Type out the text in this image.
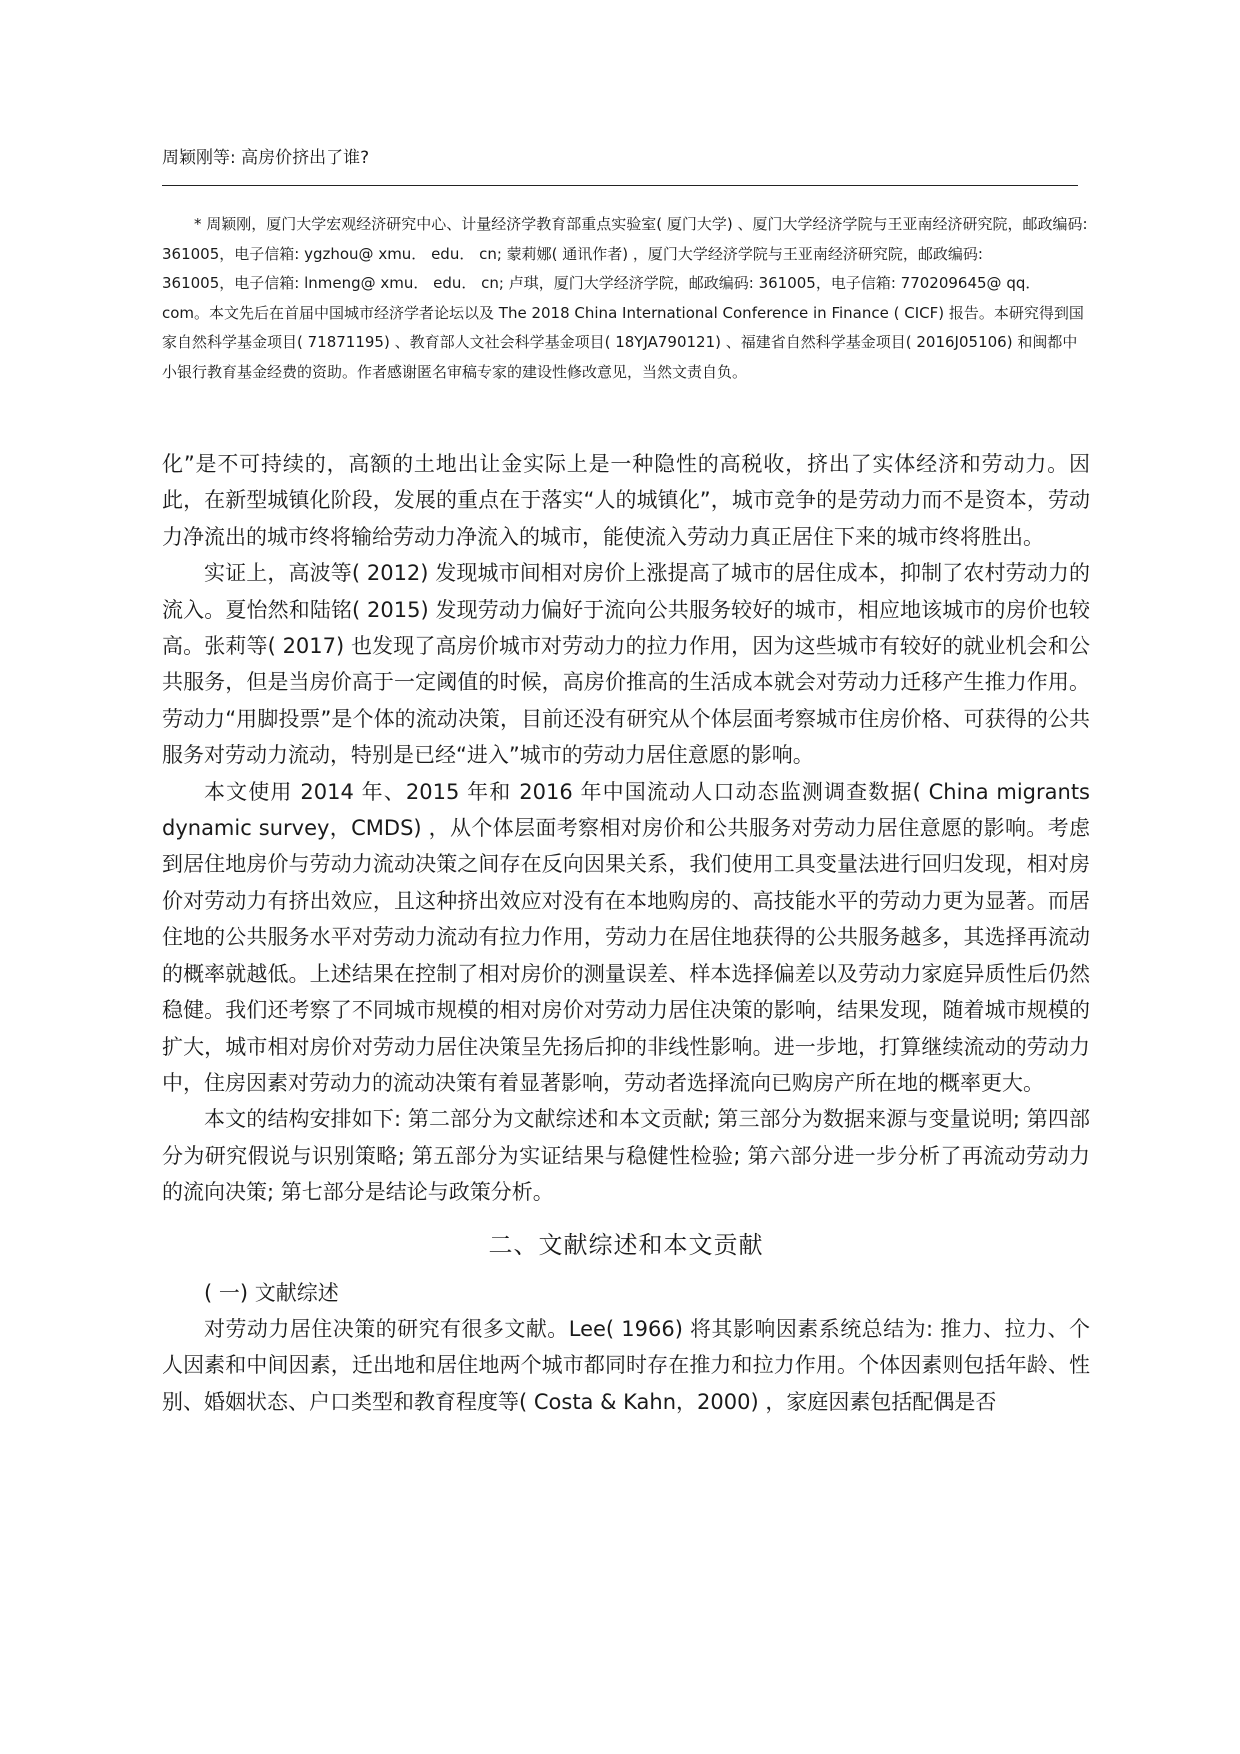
周颖刚等: 高房价挤出了谁?

* 周颖刚，厦门大学宏观经济研究中心、计量经济学教育部重点实验室( 厦门大学) 、厦门大学经济学院与王亚南经济研究院，邮政编码: 361005，电子信箱: ygzhou@ xmu． edu． cn; 蒙莉娜( 通讯作者) ，厦门大学经济学院与王亚南经济研究院，邮政编码:

361005，电子信箱: lnmeng@ xmu． edu． cn; 卢琪，厦门大学经济学院，邮政编码: 361005，电子信箱: 770209645@ qq． com。本文先后在首届中国城市经济学者论坛以及 The 2018 China International Conference in Finance ( CICF) 报告。本研究得到国家自然科学基金项目( 71871195) 、教育部人文社会科学基金项目( 18YJA790121) 、福建省自然科学基金项目( 2016J05106) 和闽都中小银行教育基金经费的资助。作者感谢匿名审稿专家的建设性修改意见，当然文责自负。

化”是不可持续的，高额的土地出让金实际上是一种隐性的高税收，挤出了实体经济和劳动力。因此，在新型城镇化阶段，发展的重点在于落实“人的城镇化”，城市竞争的是劳动力而不是资本，劳动力净流出的城市终将输给劳动力净流入的城市，能使流入劳动力真正居住下来的城市终将胜出。

实证上，高波等( 2012) 发现城市间相对房价上涨提高了城市的居住成本，抑制了农村劳动力的流入。夏怡然和陆铭( 2015) 发现劳动力偏好于流向公共服务较好的城市，相应地该城市的房价也较高。张莉等( 2017) 也发现了高房价城市对劳动力的拉力作用，因为这些城市有较好的就业机会和公共服务，但是当房价高于一定阈值的时候，高房价推高的生活成本就会对劳动力迁移产生推力作用。劳动力“用脚投票”是个体的流动决策，目前还没有研究从个体层面考察城市住房价格、可获得的公共服务对劳动力流动，特别是已经“进入”城市的劳动力居住意愿的影响。

本文使用 2014 年、2015 年和 2016 年中国流动人口动态监测调查数据( China migrants dynamic survey，CMDS) ，从个体层面考察相对房价和公共服务对劳动力居住意愿的影响。考虑到居住地房价与劳动力流动决策之间存在反向因果关系，我们使用工具变量法进行回归发现，相对房价对劳动力有挤出效应，且这种挤出效应对没有在本地购房的、高技能水平的劳动力更为显著。而居住地的公共服务水平对劳动力流动有拉力作用，劳动力在居住地获得的公共服务越多，其选择再流动的概率就越低。上述结果在控制了相对房价的测量误差、样本选择偏差以及劳动力家庭异质性后仍然稳健。我们还考察了不同城市规模的相对房价对劳动力居住决策的影响，结果发现，随着城市规模的扩大，城市相对房价对劳动力居住决策呈先扬后抑的非线性影响。进一步地，打算继续流动的劳动力中，住房因素对劳动力的流动决策有着显著影响，劳动者选择流向已购房产所在地的概率更大。

本文的结构安排如下: 第二部分为文献综述和本文贡献; 第三部分为数据来源与变量说明; 第四部分为研究假说与识别策略; 第五部分为实证结果与稳健性检验; 第六部分进一步分析了再流动劳动力的流向决策; 第七部分是结论与政策分析。

二、文献综述和本文贡献

( 一) 文献综述

对劳动力居住决策的研究有很多文献。Lee( 1966) 将其影响因素系统总结为: 推力、拉力、个人因素和中间因素，迁出地和居住地两个城市都同时存在推力和拉力作用。个体因素则包括年龄、性别、婚姻状态、户口类型和教育程度等( Costa & Kahn，2000) ，家庭因素包括配偶是否
